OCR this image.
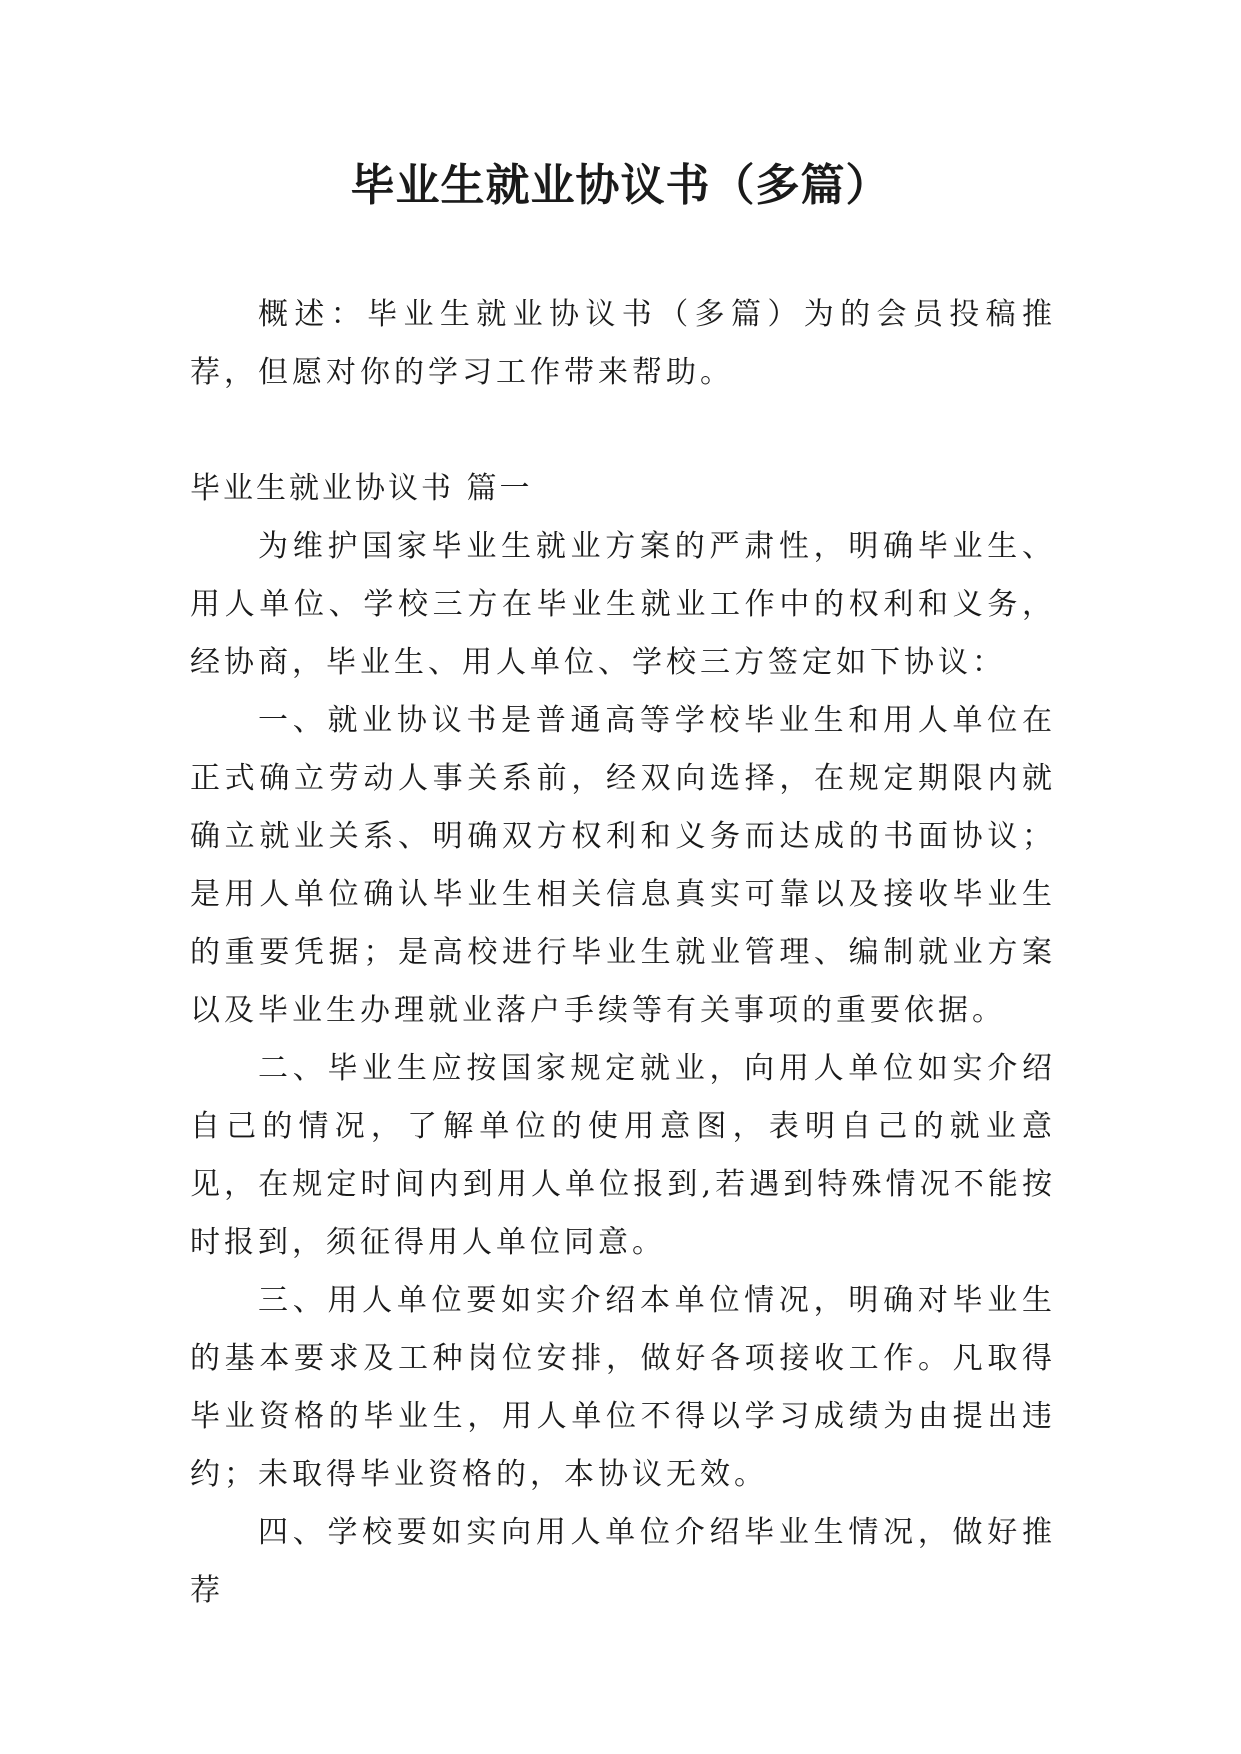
毕业生就业协议书（多篇）

概述：毕业生就业协议书（多篇）为的会员投稿推荐，但愿对你的学习工作带来帮助。

毕业生就业协议书 篇一

为维护国家毕业生就业方案的严肃性，明确毕业生、用人单位、学校三方在毕业生就业工作中的权利和义务，经协商，毕业生、用人单位、学校三方签定如下协议：

一、就业协议书是普通高等学校毕业生和用人单位在正式确立劳动人事关系前，经双向选择，在规定期限内就确立就业关系、明确双方权利和义务而达成的书面协议；是用人单位确认毕业生相关信息真实可靠以及接收毕业生的重要凭据；是高校进行毕业生就业管理、编制就业方案以及毕业生办理就业落户手续等有关事项的重要依据。

二、毕业生应按国家规定就业，向用人单位如实介绍自己的情况，了解单位的使用意图，表明自己的就业意见，在规定时间内到用人单位报到,若遇到特殊情况不能按时报到，须征得用人单位同意。

三、用人单位要如实介绍本单位情况，明确对毕业生的基本要求及工种岗位安排，做好各项接收工作。凡取得毕业资格的毕业生，用人单位不得以学习成绩为由提出违约；未取得毕业资格的，本协议无效。

四、学校要如实向用人单位介绍毕业生情况，做好推荐
